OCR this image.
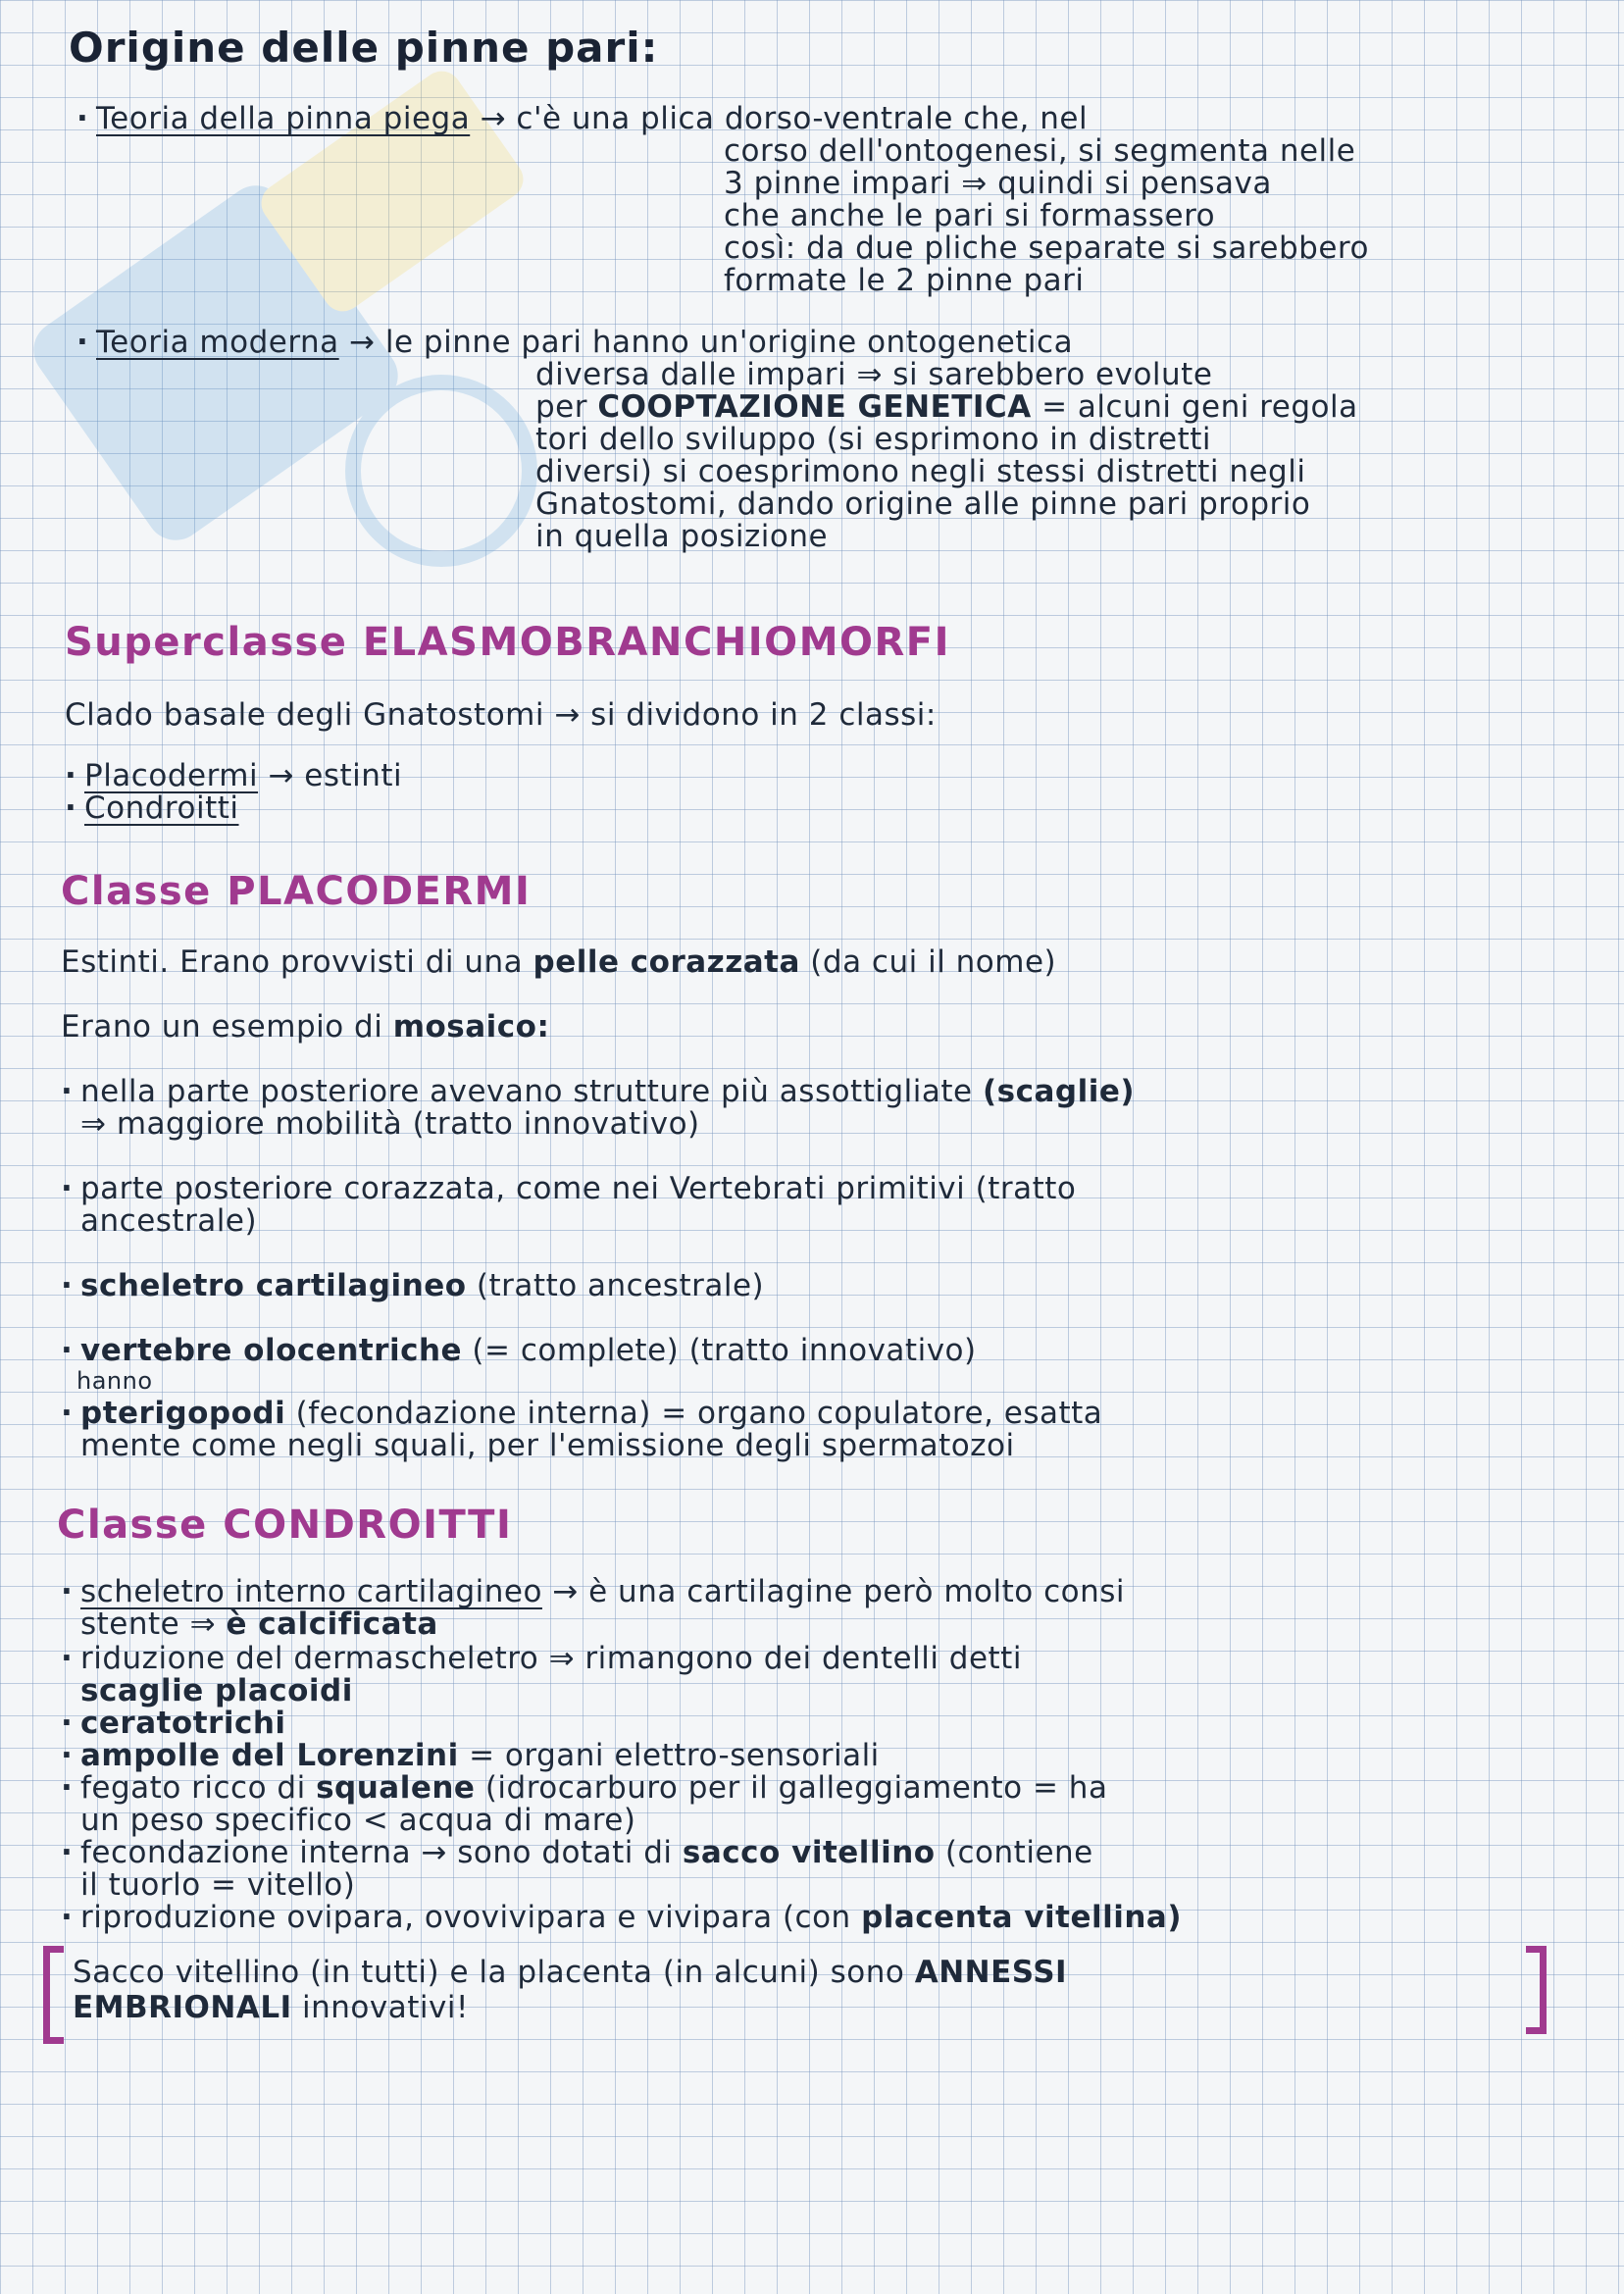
Origine delle pinne pari:

· Teoria della pinna piega → c'è una plica dorso-ventrale che, nel

corso dell'ontogenesi, si segmenta nelle

3 pinne impari ⇒ quindi si pensava

che anche le pari si formassero

così: da due pliche separate si sarebbero

formate le 2 pinne pari

· Teoria moderna → le pinne pari hanno un'origine ontogenetica

diversa dalle impari ⇒ si sarebbero evolute

per COOPTAZIONE GENETICA = alcuni geni regola

tori dello sviluppo (si esprimono in distretti

diversi) si coesprimono negli stessi distretti negli

Gnatostomi, dando origine alle pinne pari proprio

in quella posizione

Superclasse ELASMOBRANCHIOMORFI

Clado basale degli Gnatostomi → si dividono in 2 classi:

· Placodermi → estinti

· Condroitti

Classe PLACODERMI

Estinti. Erano provvisti di una pelle corazzata (da cui il nome)

Erano un esempio di mosaico:

· nella parte posteriore avevano strutture più assottigliate (scaglie)

⇒ maggiore mobilità (tratto innovativo)

· parte posteriore corazzata, come nei Vertebrati primitivi (tratto

ancestrale)

· scheletro cartilagineo (tratto ancestrale)

· vertebre olocentriche (= complete) (tratto innovativo)

hanno

· pterigopodi (fecondazione interna) = organo copulatore, esatta

mente come negli squali, per l'emissione degli spermatozoi

Classe CONDROITTI

· scheletro interno cartilagineo → è una cartilagine però molto consi

stente ⇒ è calcificata

· riduzione del dermascheletro ⇒ rimangono dei dentelli detti

scaglie placoidi

· ceratotrichi

· ampolle del Lorenzini = organi elettro-sensoriali

· fegato ricco di squalene (idrocarburo per il galleggiamento = ha

un peso specifico < acqua di mare)

· fecondazione interna → sono dotati di sacco vitellino (contiene

il tuorlo = vitello)

· riproduzione ovipara, ovovivipara e vivipara (con placenta vitellina)

Sacco vitellino (in tutti) e la placenta (in alcuni) sono ANNESSI

EMBRIONALI innovativi!
